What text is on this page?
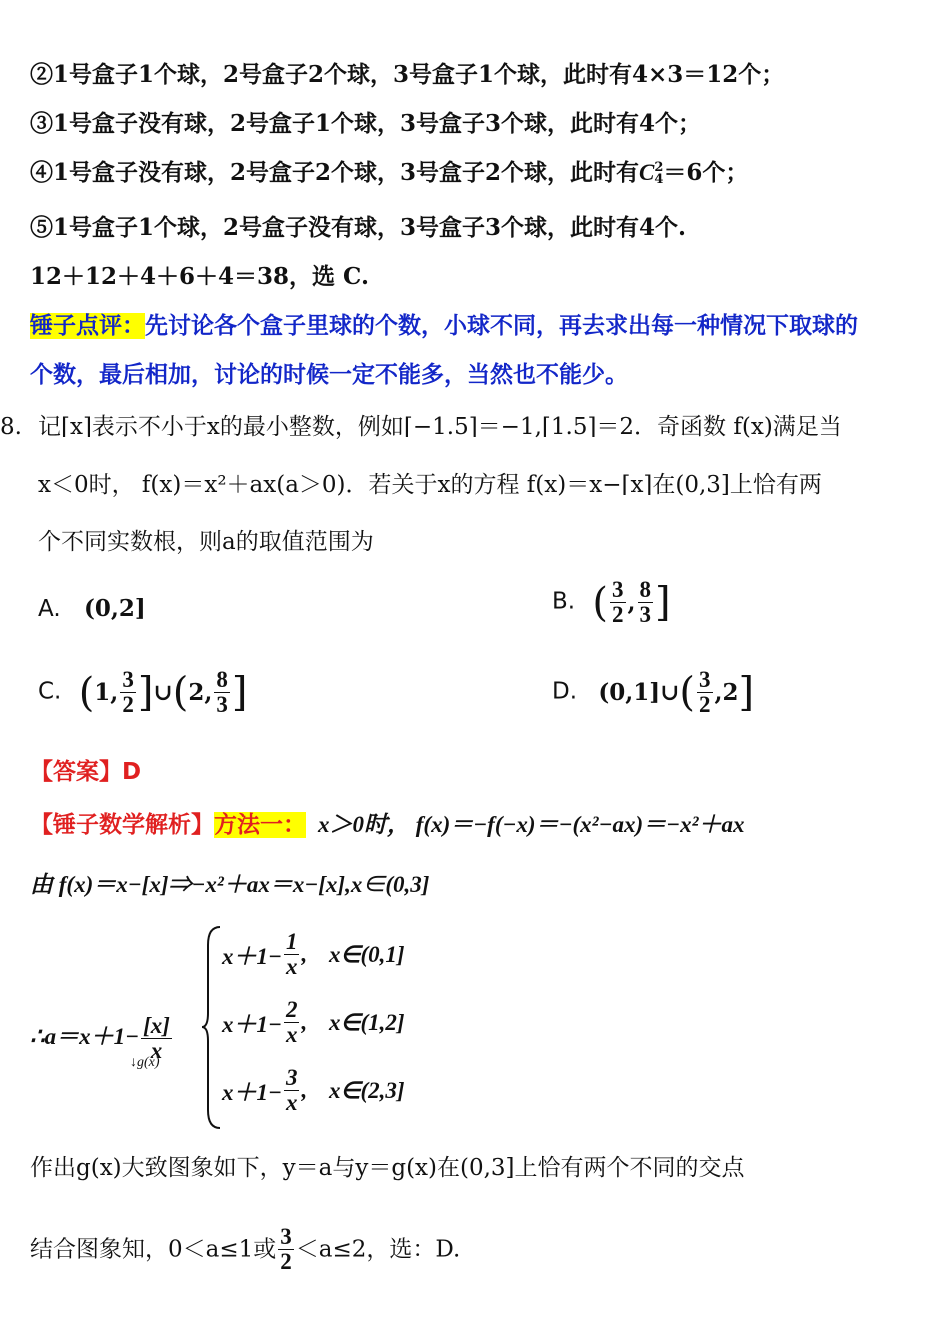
②1号盒子1个球，2号盒子2个球，3号盒子1个球，此时有4×3＝12个；
③1号盒子没有球，2号盒子1个球，3号盒子3个球，此时有4个；
④1号盒子没有球，2号盒子2个球，3号盒子2个球，此时有C 2
4 ＝6个；
⑤1号盒子1个球，2号盒子没有球，3号盒子3个球，此时有4个.
12＋12＋4＋6＋4＝38，选 C.
锤子点评：先讨论各个盒子里球的个数，小球不同，再去求出每一种情况下取球的
个数，最后相加，讨论的时候一定不能多，当然也不能少。
8. 记⌈x⌉表示不小于x的最小整数，例如⌈−1.5⌉＝−1,⌈1.5⌉＝2．奇函数 f(x)满足当
x＜0时， f(x)＝x²＋ax(a＞0)．若关于x的方程 f(x)＝x−⌈x⌉在(0,3]上恰有两
个不同实数根，则a的取值范围为
A. (0,2]	B. ( $\frac{3}{2}$ , $\frac{8}{3}$ ]
C. (1, $\frac{3}{2}$ ]∪(2, $\frac{8}{3}$ ]	D. (0,1]∪( $\frac{3}{2} ,2$]
【答案】D
【锤子数学解析】方法一： x＞0时， f(x)＝−f(−x)＝−(x²−ax)＝−x²＋ax
由 f(x)＝x−[x]⇒−x²＋ax＝x−[x],x∈(0,3]
∴a＝x＋1− $\frac{[x]}{x}$
↓g(x)
$x+1- \frac{1}{x}$ , x∈(0,1]
$x+1- \frac{2}{x}$ , x∈(1,2]
$x+1- \frac{3}{x}$ , x∈(2,3]
作出g(x)大致图象如下，y＝a与y＝g(x)在(0,3]上恰有两个不同的交点
结合图象知，0＜a≤1或 $\frac{3}{2} <a\le 2$，选：D.
